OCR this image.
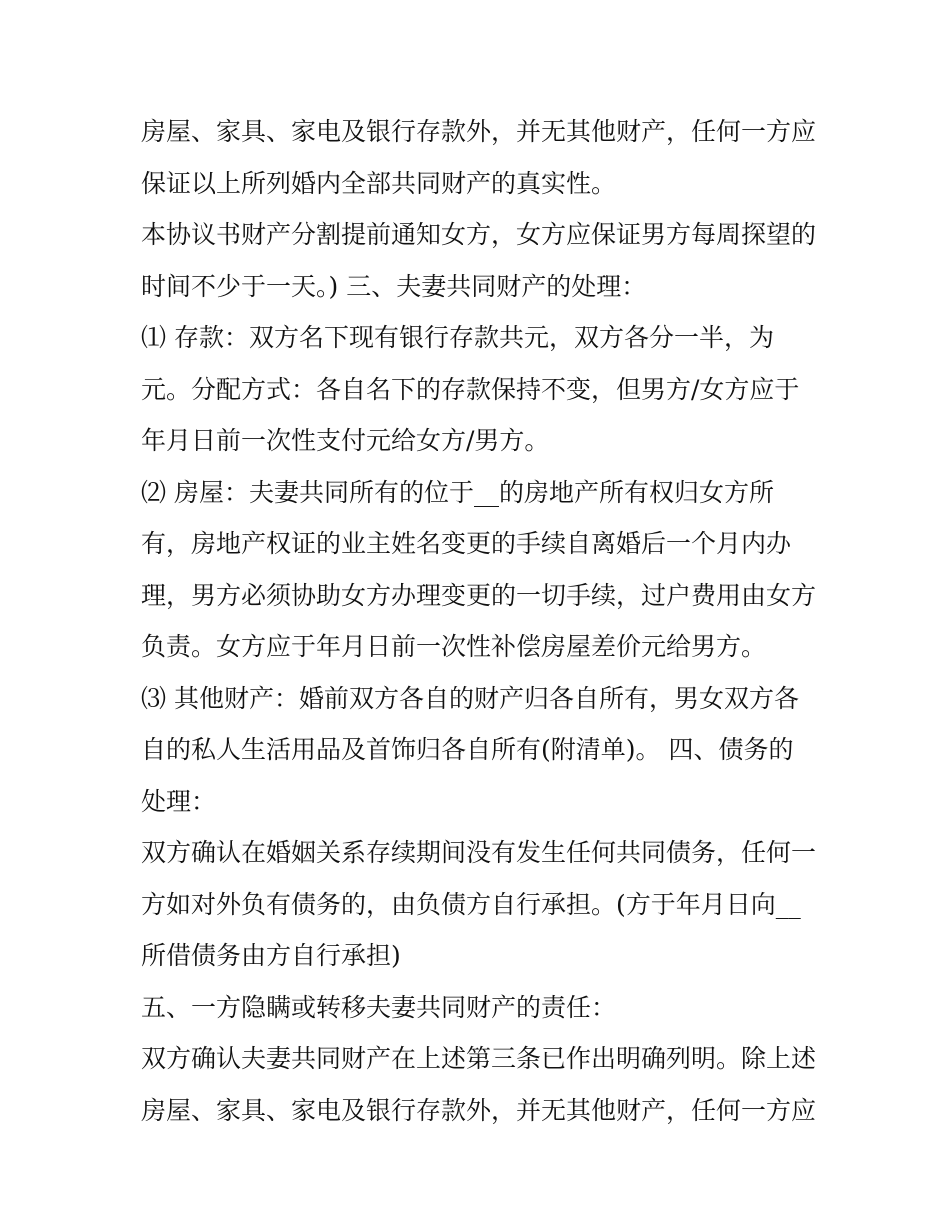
房屋、家具、家电及银行存款外，并无其他财产，任何一方应
保证以上所列婚内全部共同财产的真实性。
本协议书财产分割提前通知女方，女方应保证男方每周探望的
时间不少于一天。) 三、夫妻共同财产的处理：
⑴ 存款：双方名下现有银行存款共元，双方各分一半，为
元。分配方式：各自名下的存款保持不变，但男方/女方应于
年月日前一次性支付元给女方/男方。
⑵ 房屋：夫妻共同所有的位于__的房地产所有权归女方所
有，房地产权证的业主姓名变更的手续自离婚后一个月内办
理，男方必须协助女方办理变更的一切手续，过户费用由女方
负责。女方应于年月日前一次性补偿房屋差价元给男方。
⑶ 其他财产：婚前双方各自的财产归各自所有，男女双方各
自的私人生活用品及首饰归各自所有(附清单)。 四、债务的
处理：
双方确认在婚姻关系存续期间没有发生任何共同债务，任何一
方如对外负有债务的，由负债方自行承担。(方于年月日向__
所借债务由方自行承担)
五、一方隐瞒或转移夫妻共同财产的责任：
双方确认夫妻共同财产在上述第三条已作出明确列明。除上述
房屋、家具、家电及银行存款外，并无其他财产，任何一方应
